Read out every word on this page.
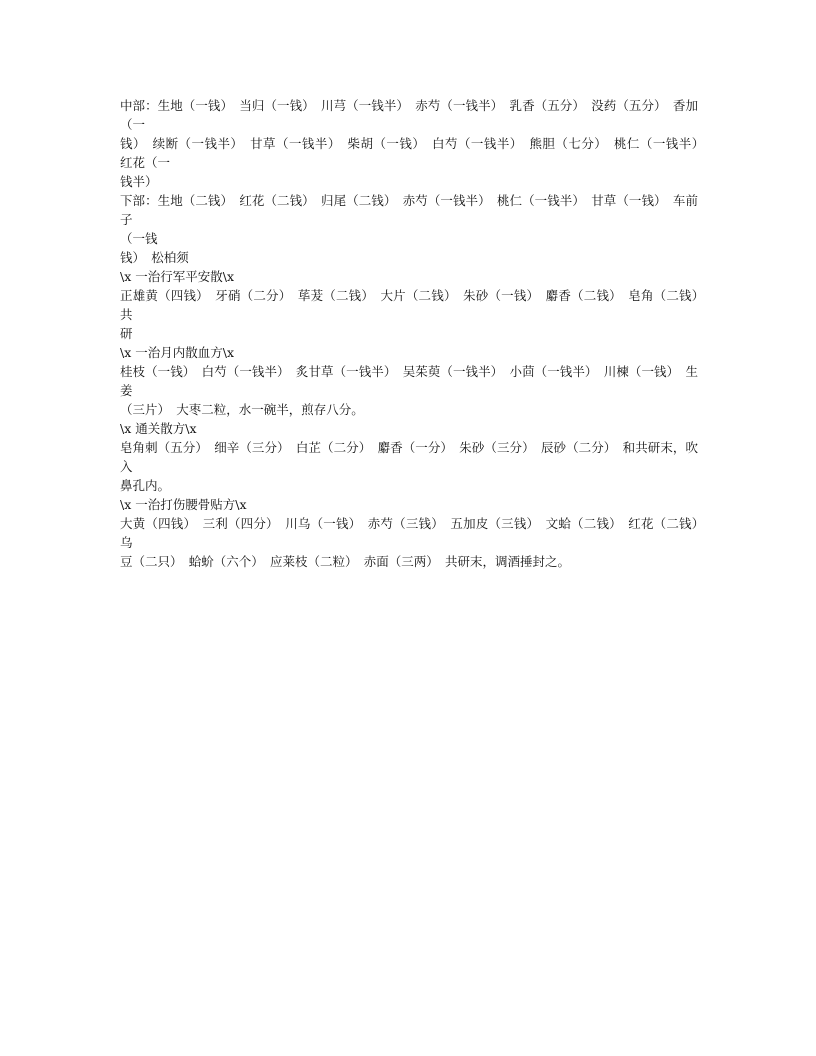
中部：生地（一钱）　当归（一钱）　川芎（一钱半）　赤芍（一钱半）　乳香（五分）　没药（五分）　香加（一
钱）　续断（一钱半）　甘草（一钱半）　柴胡（一钱）　白芍（一钱半）　熊胆（七分）　桃仁（一钱半）　红花（一
钱半）
下部：生地（二钱）　红花（二钱）　归尾（二钱）　赤芍（一钱半）　桃仁（一钱半）　甘草（一钱）　车前子
（一钱
钱）　松柏须
\x 一治行军平安散\x
正雄黄（四钱）　牙硝（二分）　荜茇（二钱）　大片（二钱）　朱砂（一钱）　麝香（二钱）　皂角（二钱）　共
研
\x 一治月内散血方\x
桂枝（一钱）　白芍（一钱半）　炙甘草（一钱半）　吴茱萸（一钱半）　小茴（一钱半）　川楝（一钱）　生姜
（三片）　大枣二粒，水一碗半，煎存八分。
\x 通关散方\x
皂角刺（五分）　细辛（三分）　白芷（二分）　麝香（一分）　朱砂（三分）　辰砂（二分）　和共研末，吹入
鼻孔内。
\x 一治打伤腰骨贴方\x
大黄（四钱）　三利（四分）　川乌（一钱）　赤芍（三钱）　五加皮（三钱）　文蛤（二钱）　红花（二钱）　乌
豆（二只）　蛤蚧（六个）　应莱枝（二粒）　赤面（三两）　共研末，调酒捶封之。
